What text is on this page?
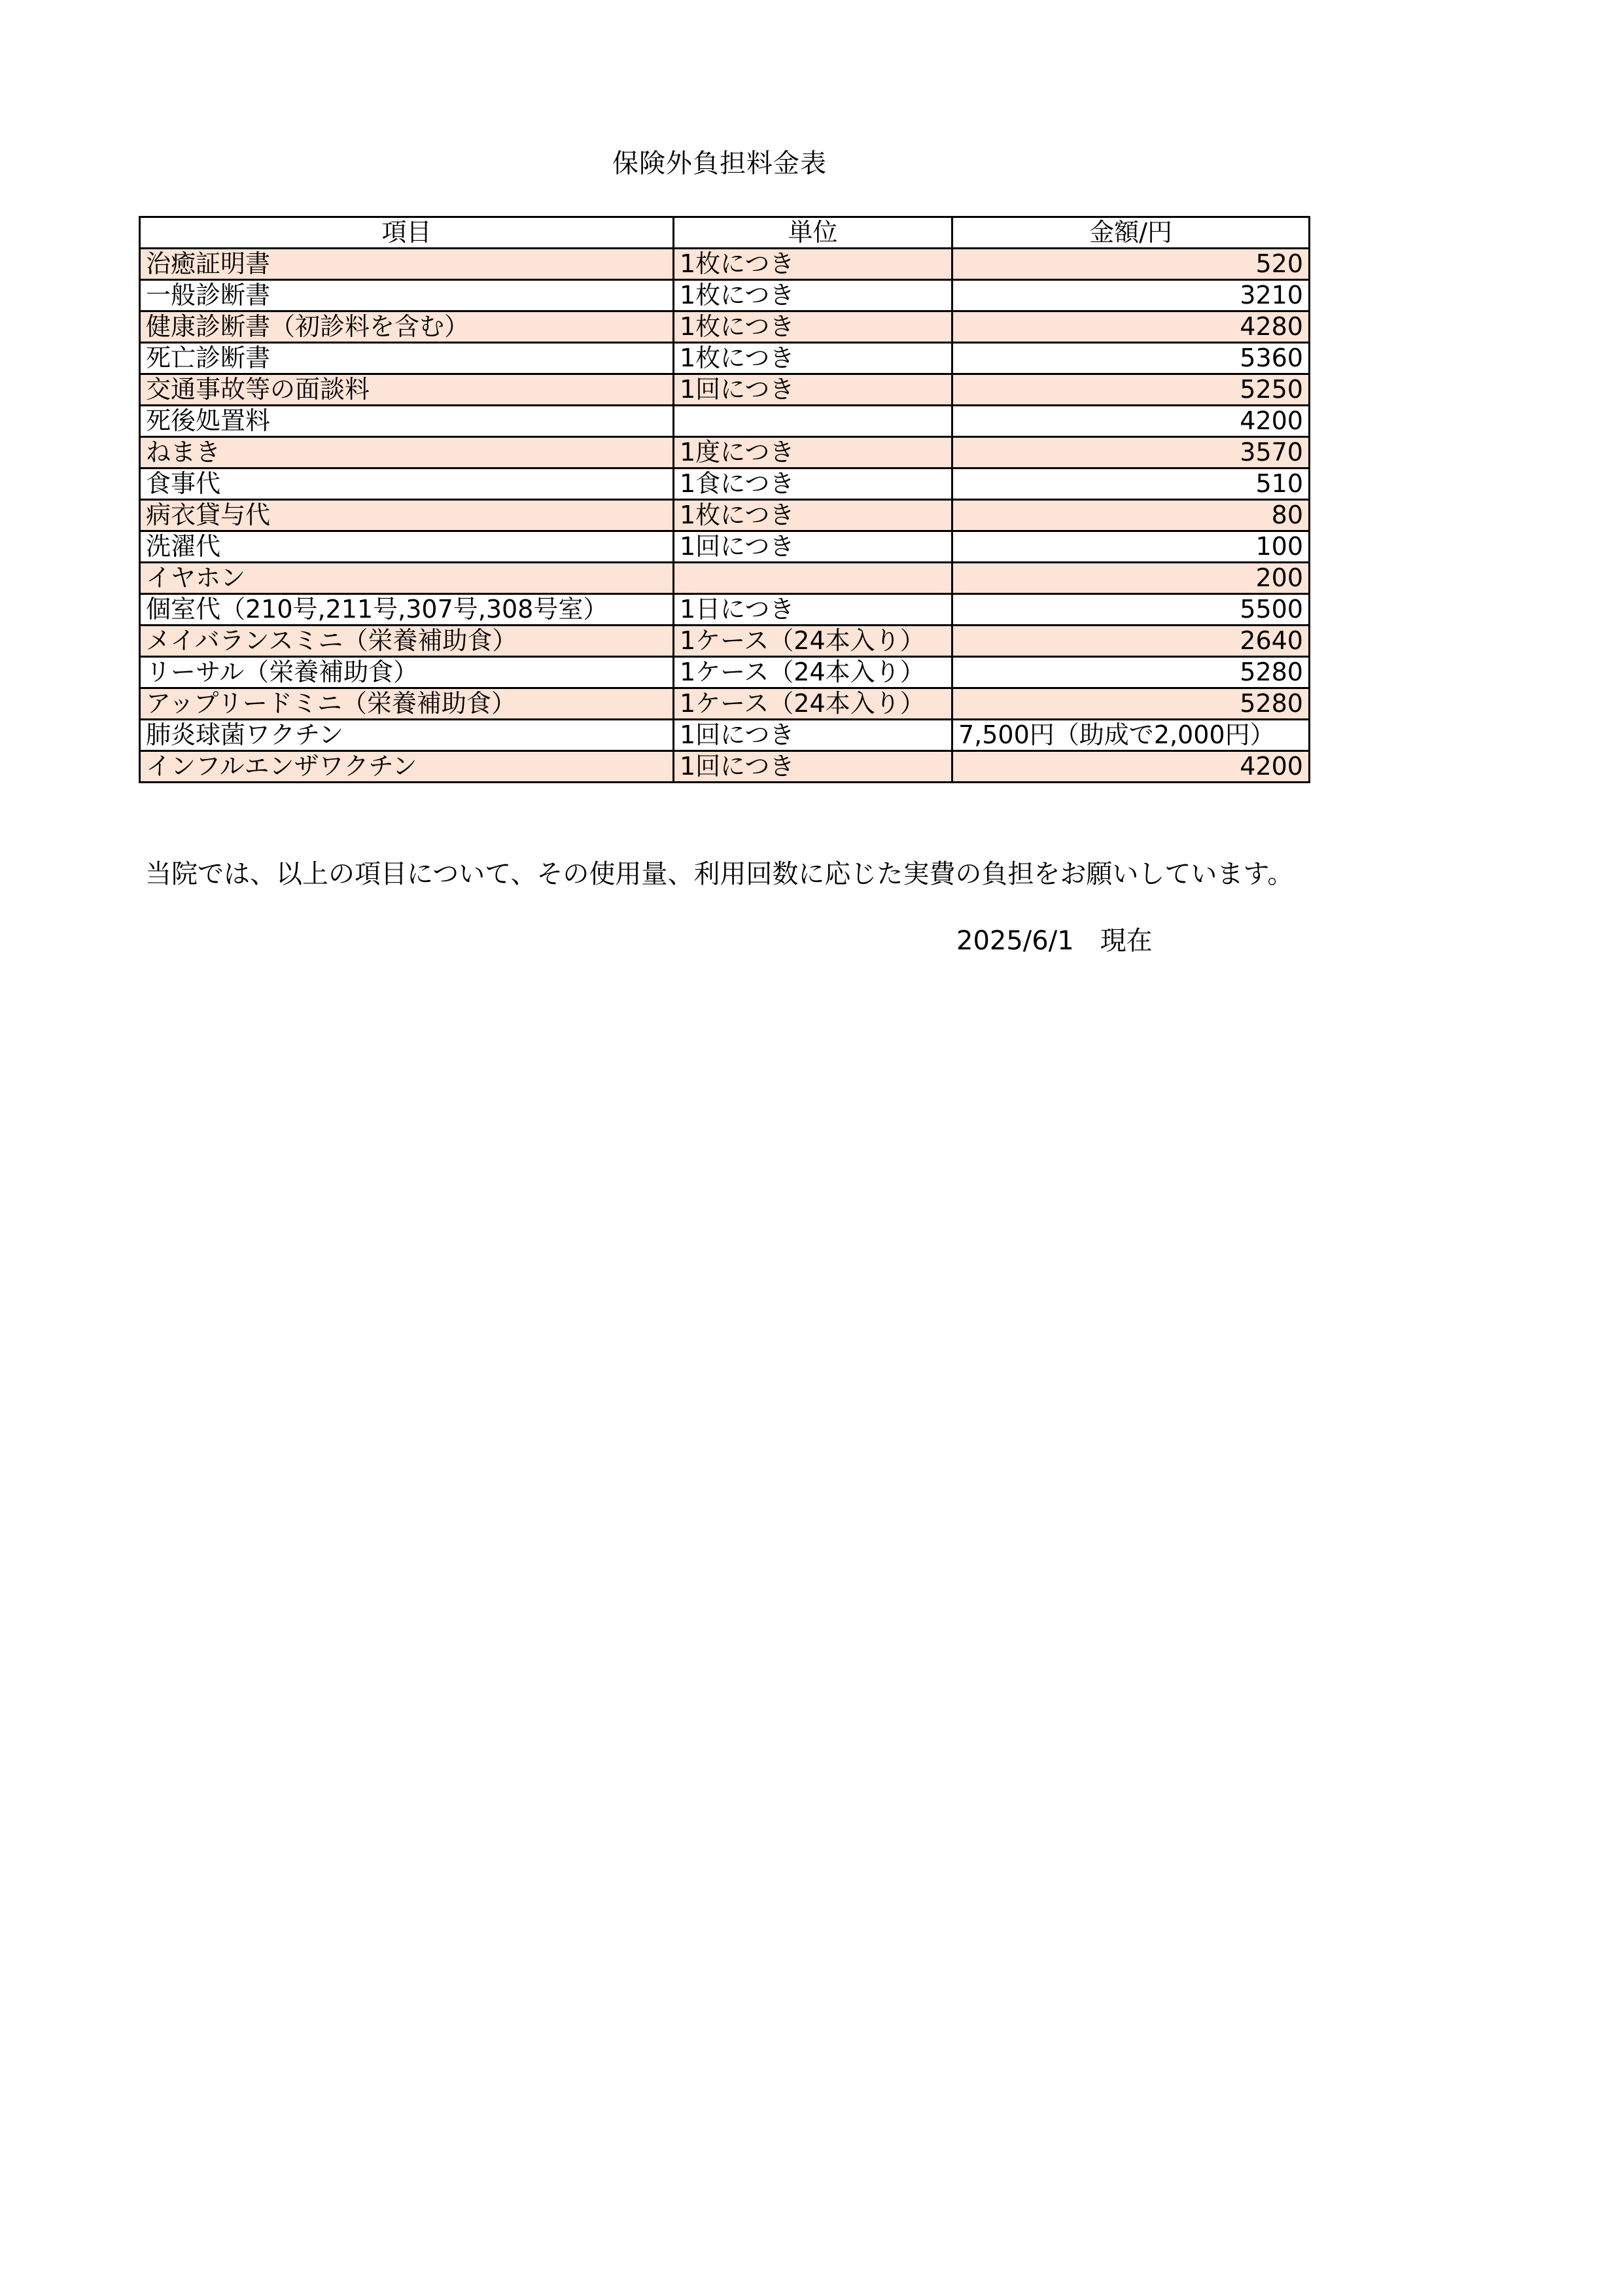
保険外負担料金表
項目	単位	金額/円
治癒証明書	1枚につき	520
一般診断書	1枚につき	3210
健康診断書（初診料を含む）	1枚につき	4280
死亡診断書	1枚につき	5360
交通事故等の面談料	1回につき	5250
死後処置料		4200
ねまき	1度につき	3570
食事代	1食につき	510
病衣貸与代	1枚につき	80
洗濯代	1回につき	100
イヤホン		200
個室代（210号,211号,307号,308号室）	1日につき	5500
メイバランスミニ（栄養補助食）	1ケース（24本入り）	2640
リーサル（栄養補助食）	1ケース（24本入り）	5280
アップリードミニ（栄養補助食）	1ケース（24本入り）	5280
肺炎球菌ワクチン	1回につき	7,500円（助成で2,000円）
インフルエンザワクチン	1回につき	4200
当院では、以上の項目について、その使用量、利用回数に応じた実費の負担をお願いしています。
2025/6/1　現在
